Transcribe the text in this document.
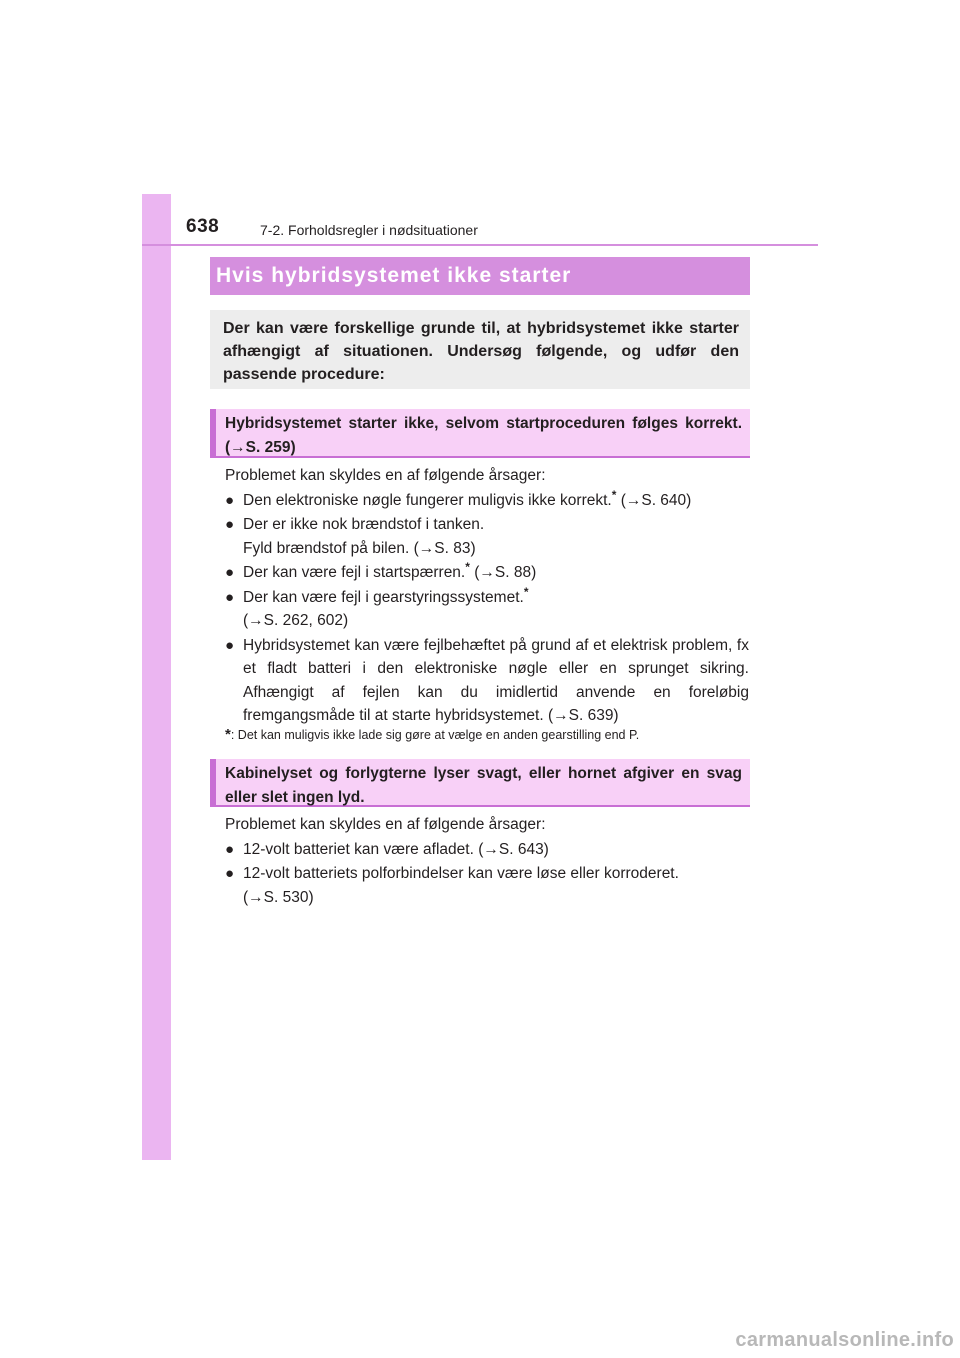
638	7-2. Forholdsregler i nødsituationer
Hvis hybridsystemet ikke starter
Der kan være forskellige grunde til, at hybridsystemet ikke starter afhængigt af situationen. Undersøg følgende, og udfør den passende procedure:
Hybridsystemet starter ikke, selvom startproceduren følges korrekt. (→S. 259)

Problemet kan skyldes en af følgende årsager:

● Den elektroniske nøgle fungerer muligvis ikke korrekt.* (→S. 640)
● Der er ikke nok brændstof i tanken.
Fyld brændstof på bilen. (→S. 83)
● Der kan være fejl i startspærren.* (→S. 88)
● Der kan være fejl i gearstyringssystemet.*
(→S. 262, 602)
● Hybridsystemet kan være fejlbehæftet på grund af et elektrisk problem, fx et fladt batteri i den elektroniske nøgle eller en sprunget sikring. Afhængigt af fejlen kan du imidlertid anvende en foreløbig fremgangsmåde til at starte hybridsystemet. (→S. 639)
*: Det kan muligvis ikke lade sig gøre at vælge en anden gearstilling end P.
Kabinelyset og forlygterne lyser svagt, eller hornet afgiver en svag eller slet ingen lyd.

Problemet kan skyldes en af følgende årsager:

● 12-volt batteriet kan være afladet. (→S. 643)
● 12-volt batteriets polforbindelser kan være løse eller korroderet.
(→S. 530)
carmanualsonline.info
